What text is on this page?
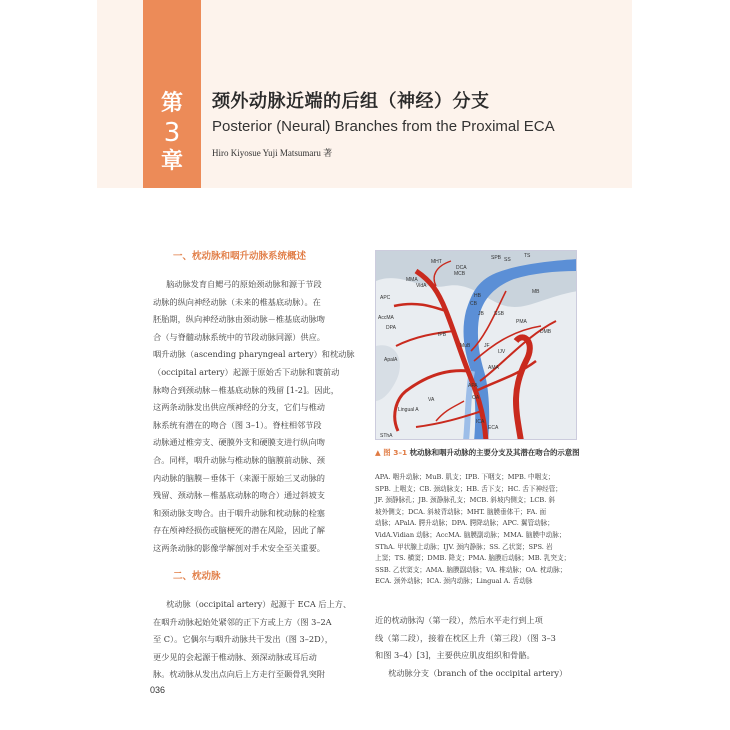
第
3
章
颈外动脉近端的后组（神经）分支
Posterior (Neural) Branches from the Proximal ECA
Hiro Kiyosue Yuji Matsumaru 著
一、枕动脉和咽升动脉系统概述
脑动脉发育自鳃弓的原始颈动脉和源于节段
动脉的纵向神经动脉（未来的椎基底动脉）。在
胚胎期，纵向神经动脉由颈动脉－椎基底动脉吻
合（与脊髓动脉系统中的节段动脉同源）供应。
咽升动脉（ascending pharyngeal artery）和枕动脉
（occipital artery）起源于原始舌下动脉和寰前动
脉吻合到颈动脉－椎基底动脉的残留 [1-2]。因此，
这两条动脉发出供应颅神经的分支，它们与椎动
脉系统有潜在的吻合（图 3–1）。脊柱相邻节段
动脉通过椎旁支、硬膜外支和硬膜支进行纵向吻
合。同样，咽升动脉与椎动脉的脑膜前动脉、颈
内动脉的脑膜－垂体干（来源于原始三叉动脉的
残留、颈动脉－椎基底动脉的吻合）通过斜坡支
和颈动脉支吻合。由于咽升动脉和枕动脉的栓塞
存在颅神经损伤或脑梗死的潜在风险，因此了解
这两条动脉的影像学解剖对手术安全至关重要。
二、枕动脉
枕动脉（occipital artery）起源于 ECA 后上方、
在咽升动脉起始处紧邻的正下方或上方（图 3–2A
至 C）。它偶尔与咽升动脉共干发出（图 3–2D），
更少见的会起源于椎动脉、颈深动脉或耳后动
脉。枕动脉从发出点向后上方走行至颞骨乳突附
近的枕动脉沟（第一段），然后水平走行到上项
线（第二段），接着在枕区上升（第三段）（图 3–3
和图 3–4）[3]，主要供应肌皮组织和骨骼。
枕动脉分支（branch of the occipital artery）
MHT
DCA
MCB
SPB
IPB
SS
TS
APC
MMA
HB
CB
JB SSB
MB
AccMA
DPA
JF
PMA
DMB
ApalA
IJV
MuB
AMA
VA
APA
OA
Lingual A
ICA
ECA
SThA
VidA
▲ 图 3–1 枕动脉和咽升动脉的主要分支及其潜在吻合的示意图
APA. 咽升动脉；MuB. 肌支；IPB. 下咽支；MPB. 中咽支；
SPB. 上咽支；CB. 颈动脉支；HB. 舌下支；HC. 舌下神经管；
JF. 颈静脉孔；JB. 颈静脉孔支；MCB. 斜坡内侧支；LCB. 斜
坡外侧支；DCA. 斜坡背动脉；MHT. 脑膜垂体干；FA. 面
动脉；APalA. 腭升动脉；DPA. 腭降动脉；APC. 翼管动脉；
VidA.Vidian 动脉；AccMA. 脑膜副动脉；MMA. 脑膜中动脉；
SThA. 甲状腺上动脉；IJV. 颈内静脉；SS. 乙状窦；SPS. 岩
上窦；TS. 横窦；DMB. 降支；PMA. 脑膜后动脉；MB. 乳突支；
SSB. 乙状窦支；AMA. 脑膜副动脉；VA. 椎动脉；OA. 枕动脉；
ECA. 颈外动脉；ICA. 颈内动脉；Lingual A. 舌动脉
036
